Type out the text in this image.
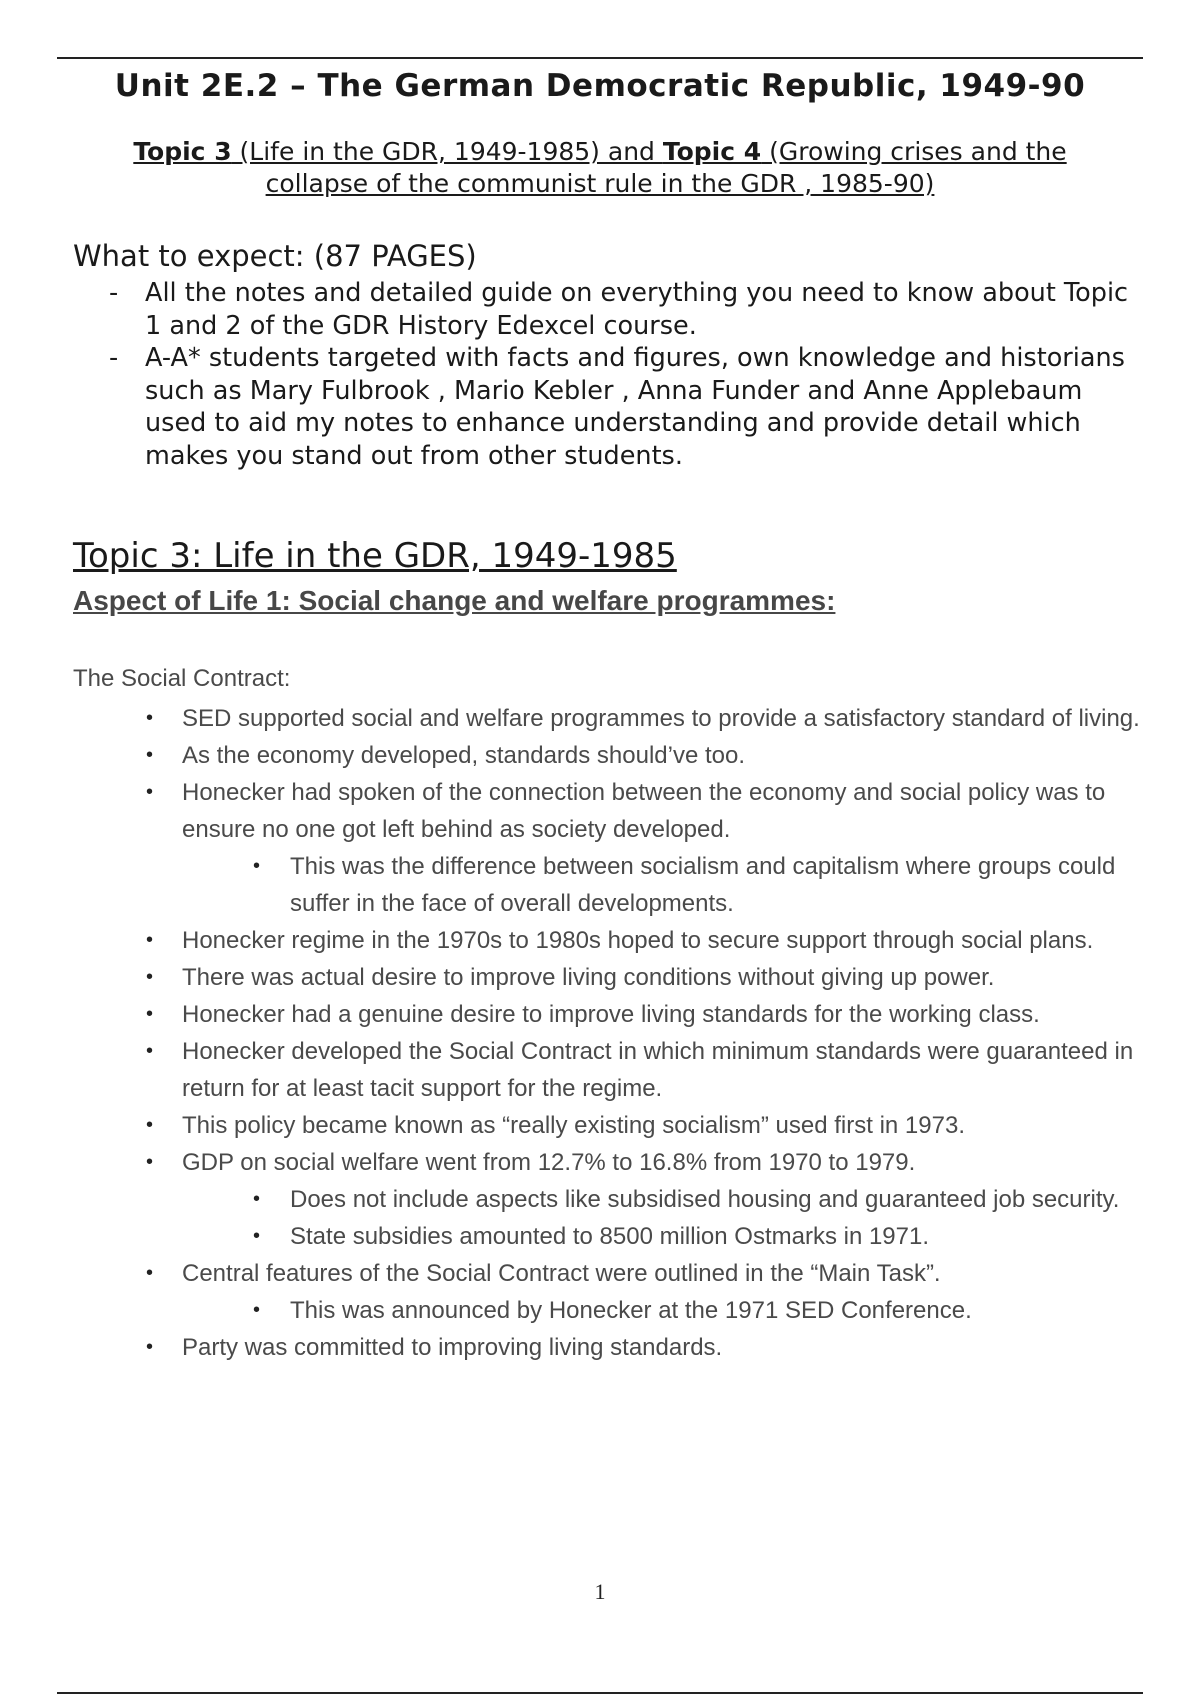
Unit 2E.2 – The German Democratic Republic, 1949-90

Topic 3 (Life in the GDR, 1949-1985) and Topic 4 (Growing crises and the collapse of the communist rule in the GDR , 1985-90)

What to expect: (87 PAGES)
- All the notes and detailed guide on everything you need to know about Topic 1 and 2 of the GDR History Edexcel course.
- A-A* students targeted with facts and figures, own knowledge and historians such as Mary Fulbrook , Mario Kebler , Anna Funder and Anne Applebaum used to aid my notes to enhance understanding and provide detail which makes you stand out from other students.
Topic 3: Life in the GDR, 1949-1985
Aspect of Life 1: Social change and welfare programmes:

The Social Contract:

• SED supported social and welfare programmes to provide a satisfactory standard of living.
• As the economy developed, standards should’ve too.
• Honecker had spoken of the connection between the economy and social policy was to ensure no one got left behind as society developed.
• This was the difference between socialism and capitalism where groups could suffer in the face of overall developments.
• Honecker regime in the 1970s to 1980s hoped to secure support through social plans.
• There was actual desire to improve living conditions without giving up power.
• Honecker had a genuine desire to improve living standards for the working class.
• Honecker developed the Social Contract in which minimum standards were guaranteed in return for at least tacit support for the regime.
• This policy became known as “really existing socialism” used first in 1973.
• GDP on social welfare went from 12.7% to 16.8% from 1970 to 1979.
• Does not include aspects like subsidised housing and guaranteed job security.
• State subsidies amounted to 8500 million Ostmarks in 1971.
• Central features of the Social Contract were outlined in the “Main Task”.
• This was announced by Honecker at the 1971 SED Conference.
• Party was committed to improving living standards.

1
